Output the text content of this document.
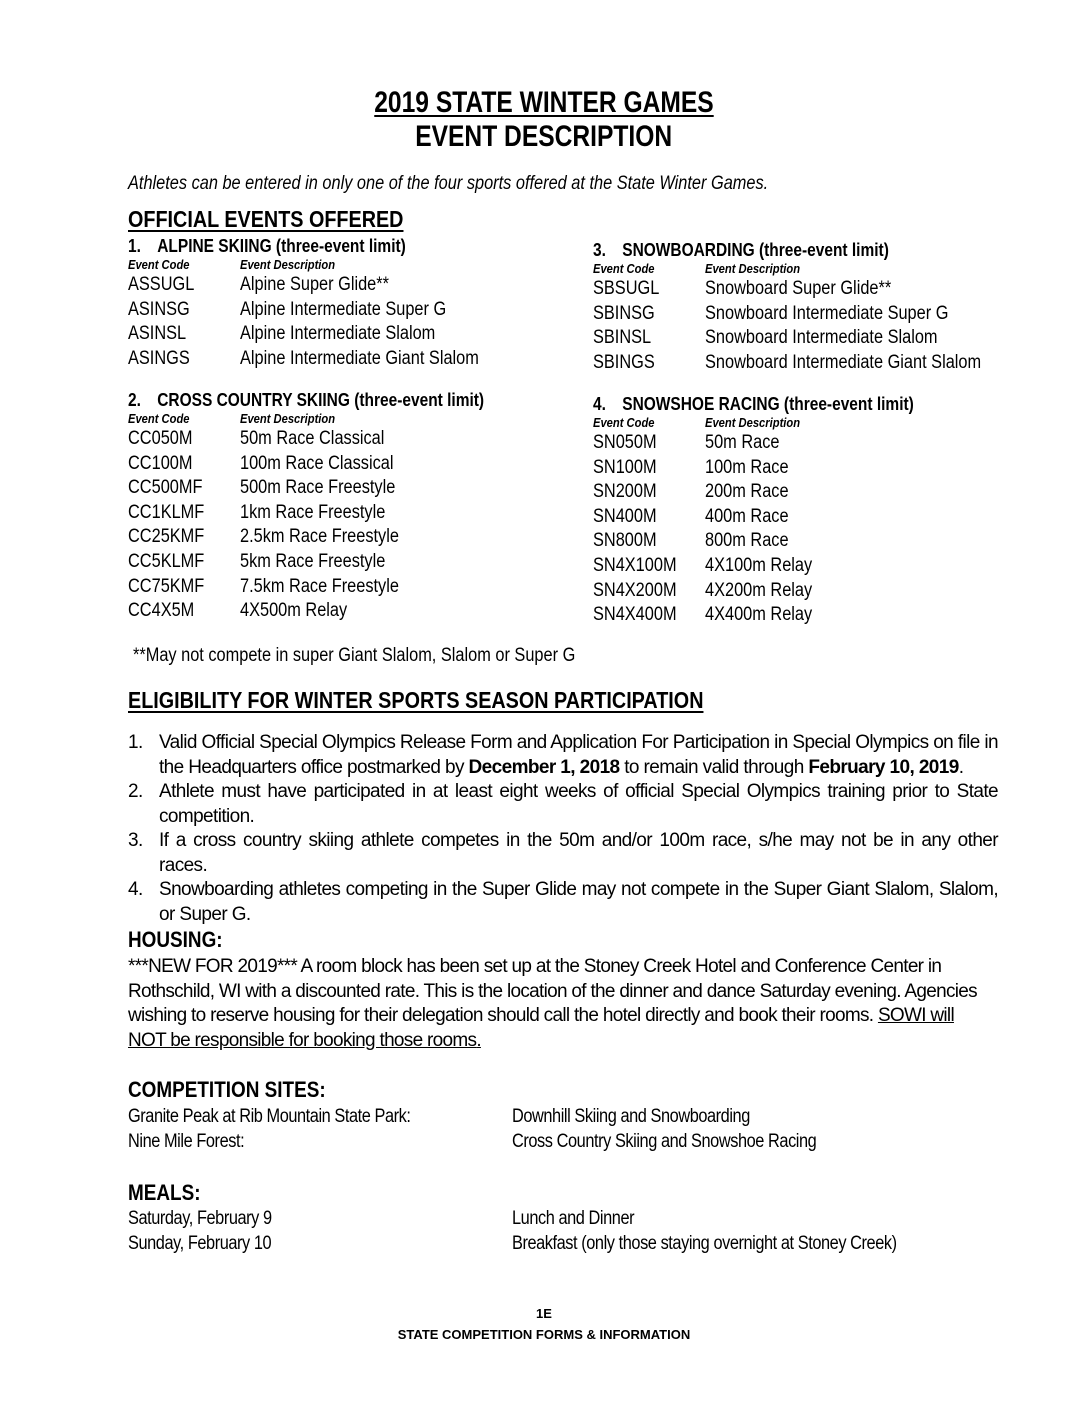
2019 STATE WINTER GAMES
EVENT DESCRIPTION
Athletes can be entered in only one of the four sports offered at the State Winter Games.
OFFICIAL EVENTS OFFERED
1. ALPINE SKIING (three-event limit)
Event Code	Event Description
ASSUGL Alpine Super Glide**
ASINSG	Alpine Intermediate Super G
ASINSL	Alpine Intermediate Slalom
ASINGS	Alpine Intermediate Giant Slalom
2. CROSS COUNTRY SKIING (three-event limit)
Event Code	Event Description
CC050M	50m Race Classical
CC100M	100m Race Classical
CC500MF 500m Race Freestyle
CC1KLMF 1km Race Freestyle
CC25KMF 2.5km Race Freestyle
CC5KLMF 5km Race Freestyle
CC75KMF 7.5km Race Freestyle
CC4X5M 4X500m Relay
3. SNOWBOARDING (three-event limit)
Event Code	Event Description
SBSUGL Snowboard Super Glide**
SBINSG	Snowboard Intermediate Super G
SBINSL	Snowboard Intermediate Slalom
SBINGS	Snowboard Intermediate Giant Slalom
4. SNOWSHOE RACING (three-event limit)
Event Code	Event Description
SN050M	50m Race
SN100M	100m Race
SN200M	200m Race
SN400M	400m Race
SN800M	800m Race
SN4X100M 4X100m Relay
SN4X200M 4X200m Relay
SN4X400M 4X400m Relay
**May not compete in super Giant Slalom, Slalom or Super G
ELIGIBILITY FOR WINTER SPORTS SEASON PARTICIPATION
1. Valid Official Special Olympics Release Form and Application For Participation in Special Olympics on file in the Headquarters office postmarked by December 1, 2018 to remain valid through February 10, 2019.
2. Athlete must have participated in at least eight weeks of official Special Olympics training prior to State competition.
3. If a cross country skiing athlete competes in the 50m and/or 100m race, s/he may not be in any other races.
4. Snowboarding athletes competing in the Super Glide may not compete in the Super Giant Slalom, Slalom, or Super G.
HOUSING:
***NEW FOR 2019*** A room block has been set up at the Stoney Creek Hotel and Conference Center in Rothschild, WI with a discounted rate. This is the location of the dinner and dance Saturday evening. Agencies wishing to reserve housing for their delegation should call the hotel directly and book their rooms. SOWI will NOT be responsible for booking those rooms.
COMPETITION SITES:
Granite Peak at Rib Mountain State Park:	Downhill Skiing and Snowboarding
Nine Mile Forest:	Cross Country Skiing and Snowshoe Racing
MEALS:
Saturday, February 9	Lunch and Dinner
Sunday, February 10	Breakfast (only those staying overnight at Stoney Creek)
1E
STATE COMPETITION FORMS & INFORMATION
